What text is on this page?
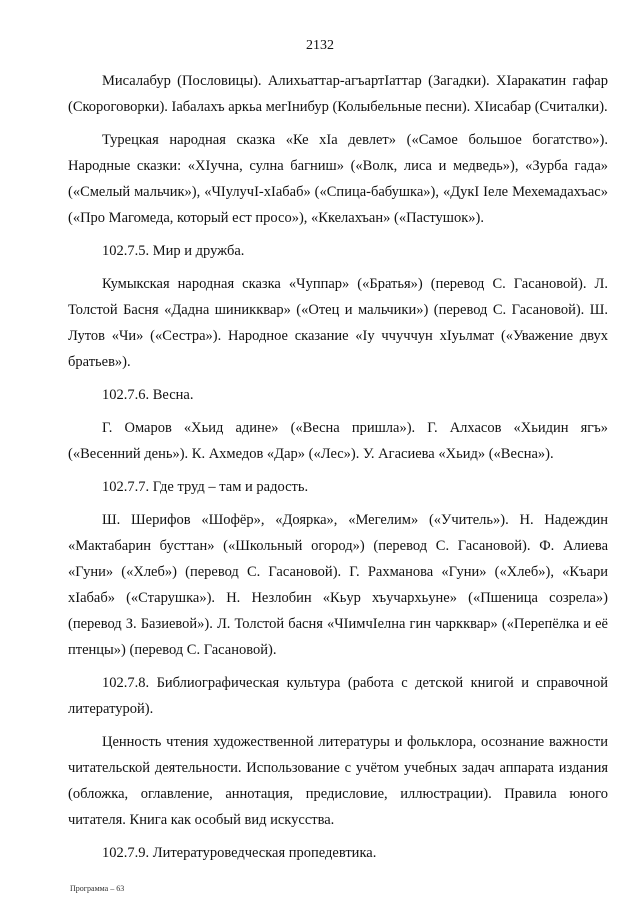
2132

Мисалабур (Пословицы). Алихьаттар-агъартIаттар (Загадки). ХIаракатин гафар (Скороговорки). Iабалахъ аркьа мегIнибур (Колыбельные песни). ХIисабар (Считалки).

Турецкая народная сказка «Ке хIа девлет» («Самое большое богатство»). Народные сказки: «ХIучна, сулна багниш» («Волк, лиса и медведь»), «Зурба гада» («Смелый мальчик»), «ЧIулучI-хIабаб» («Спица-бабушка»), «ДукI Iеле Мехемадахъас» («Про Магомеда, который ест просо»), «Ккелахъан» («Пастушок»).

102.7.5. Мир и дружба.

Кумыкская народная сказка «Чуппар» («Братья») (перевод С. Гасановой). Л. Толстой Басня «Дадна шиникквар» («Отец и мальчики») (перевод С. Гасановой). Ш. Лутов «Чи» («Сестра»). Народное сказание «Iу ччуччун хIуьлмат («Уважение двух братьев»).

102.7.6. Весна.

Г. Омаров «Хьид адине» («Весна пришла»). Г. Алхасов «Хьидин ягъ» («Весенний день»). К. Ахмедов «Дар» («Лес»). У. Агасиева «Хьид» («Весна»).

102.7.7. Где труд – там и радость.

Ш. Шерифов «Шофёр», «Доярка», «Мегелим» («Учитель»). Н. Надеждин «Мактабарин бусттан» («Школьный огород») (перевод С. Гасановой). Ф. Алиева «Гуни» («Хлеб») (перевод С. Гасановой). Г. Рахманова «Гуни» («Хлеб»), «Къари хIабаб» («Старушка»). Н. Незлобин «Кьур хъучархьуне» («Пшеница созрела») (перевод З. Базиевой»). Л. Толстой басня «ЧIимчIелна гин чаркквар» («Перепёлка и её птенцы») (перевод С. Гасановой).

102.7.8. Библиографическая культура (работа с детской книгой и справочной литературой).

Ценность чтения художественной литературы и фольклора, осознание важности читательской деятельности. Использование с учётом учебных задач аппарата издания (обложка, оглавление, аннотация, предисловие, иллюстрации). Правила юного читателя. Книга как особый вид искусства.

102.7.9. Литературоведческая пропедевтика.

Программа – 63
